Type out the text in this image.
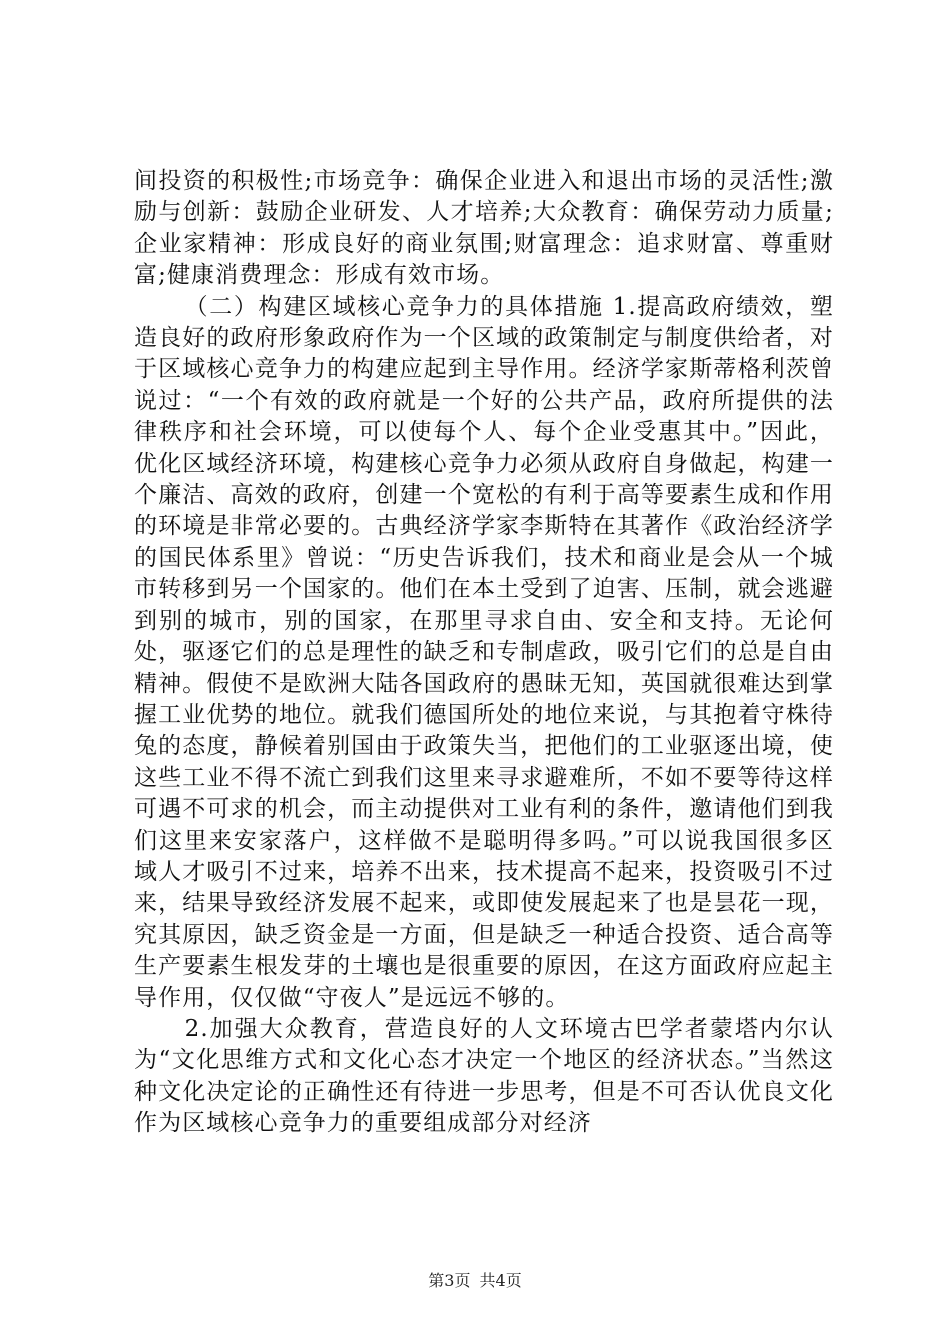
间投资的积极性;市场竞争：确保企业进入和退出市场的灵活性;激励与创新：鼓励企业研发、人才培养;大众教育：确保劳动力质量;企业家精神：形成良好的商业氛围;财富理念：追求财富、尊重财富;健康消费理念：形成有效市场。

（二）构建区域核心竞争力的具体措施 1.提高政府绩效，塑造良好的政府形象政府作为一个区域的政策制定与制度供给者，对于区域核心竞争力的构建应起到主导作用。经济学家斯蒂格利茨曾说过：“一个有效的政府就是一个好的公共产品，政府所提供的法律秩序和社会环境，可以使每个人、每个企业受惠其中。”因此，优化区域经济环境，构建核心竞争力必须从政府自身做起，构建一个廉洁、高效的政府，创建一个宽松的有利于高等要素生成和作用的环境是非常必要的。古典经济学家李斯特在其著作《政治经济学的国民体系里》曾说：“历史告诉我们，技术和商业是会从一个城市转移到另一个国家的。他们在本土受到了迫害、压制，就会逃避到别的城市，别的国家，在那里寻求自由、安全和支持。无论何处，驱逐它们的总是理性的缺乏和专制虐政，吸引它们的总是自由精神。假使不是欧洲大陆各国政府的愚昧无知，英国就很难达到掌握工业优势的地位。就我们德国所处的地位来说，与其抱着守株待兔的态度，静候着别国由于政策失当，把他们的工业驱逐出境，使这些工业不得不流亡到我们这里来寻求避难所，不如不要等待这样可遇不可求的机会，而主动提供对工业有利的条件，邀请他们到我们这里来安家落户，这样做不是聪明得多吗。”可以说我国很多区域人才吸引不过来，培养不出来，技术提高不起来，投资吸引不过来，结果导致经济发展不起来，或即使发展起来了也是昙花一现，究其原因，缺乏资金是一方面，但是缺乏一种适合投资、适合高等生产要素生根发芽的土壤也是很重要的原因，在这方面政府应起主导作用，仅仅做“守夜人”是远远不够的。

2.加强大众教育，营造良好的人文环境古巴学者蒙塔内尔认为“文化思维方式和文化心态才决定一个地区的经济状态。”当然这种文化决定论的正确性还有待进一步思考，但是不可否认优良文化作为区域核心竞争力的重要组成部分对经济

第3页 共4页
